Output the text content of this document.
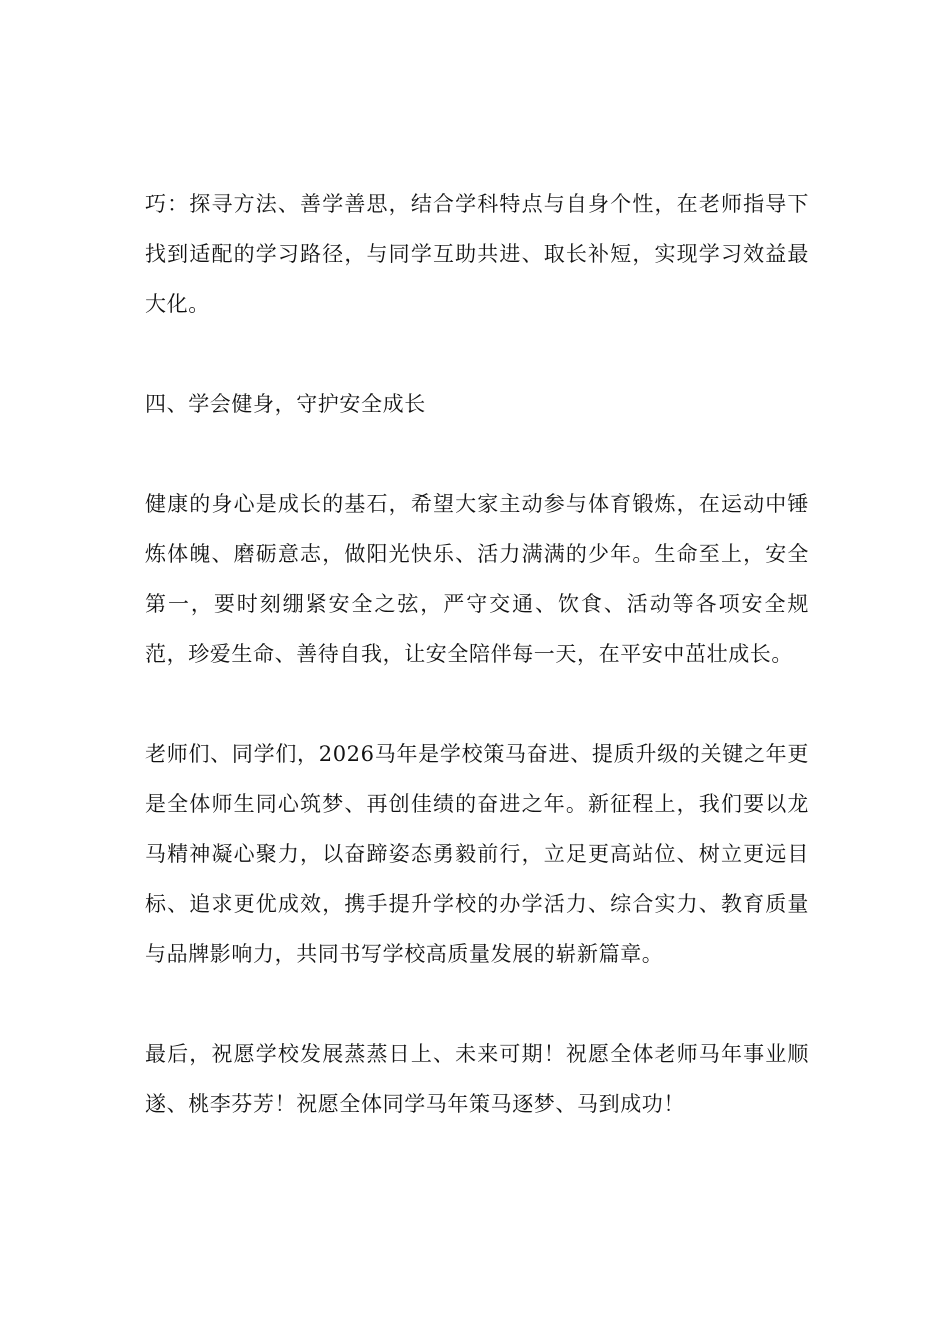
巧：探寻方法、善学善思，结合学科特点与自身个性，在老师指导下找到适配的学习路径，与同学互助共进、取长补短，实现学习效益最大化。

四、学会健身，守护安全成长

健康的身心是成长的基石，希望大家主动参与体育锻炼，在运动中锤炼体魄、磨砺意志，做阳光快乐、活力满满的少年。生命至上，安全第一，要时刻绷紧安全之弦，严守交通、饮食、活动等各项安全规范，珍爱生命、善待自我，让安全陪伴每一天，在平安中茁壮成长。

老师们、同学们，2026马年是学校策马奋进、提质升级的关键之年更是全体师生同心筑梦、再创佳绩的奋进之年。新征程上，我们要以龙马精神凝心聚力，以奋蹄姿态勇毅前行，立足更高站位、树立更远目标、追求更优成效，携手提升学校的办学活力、综合实力、教育质量与品牌影响力，共同书写学校高质量发展的崭新篇章。

最后，祝愿学校发展蒸蒸日上、未来可期！祝愿全体老师马年事业顺遂、桃李芬芳！祝愿全体同学马年策马逐梦、马到成功！
